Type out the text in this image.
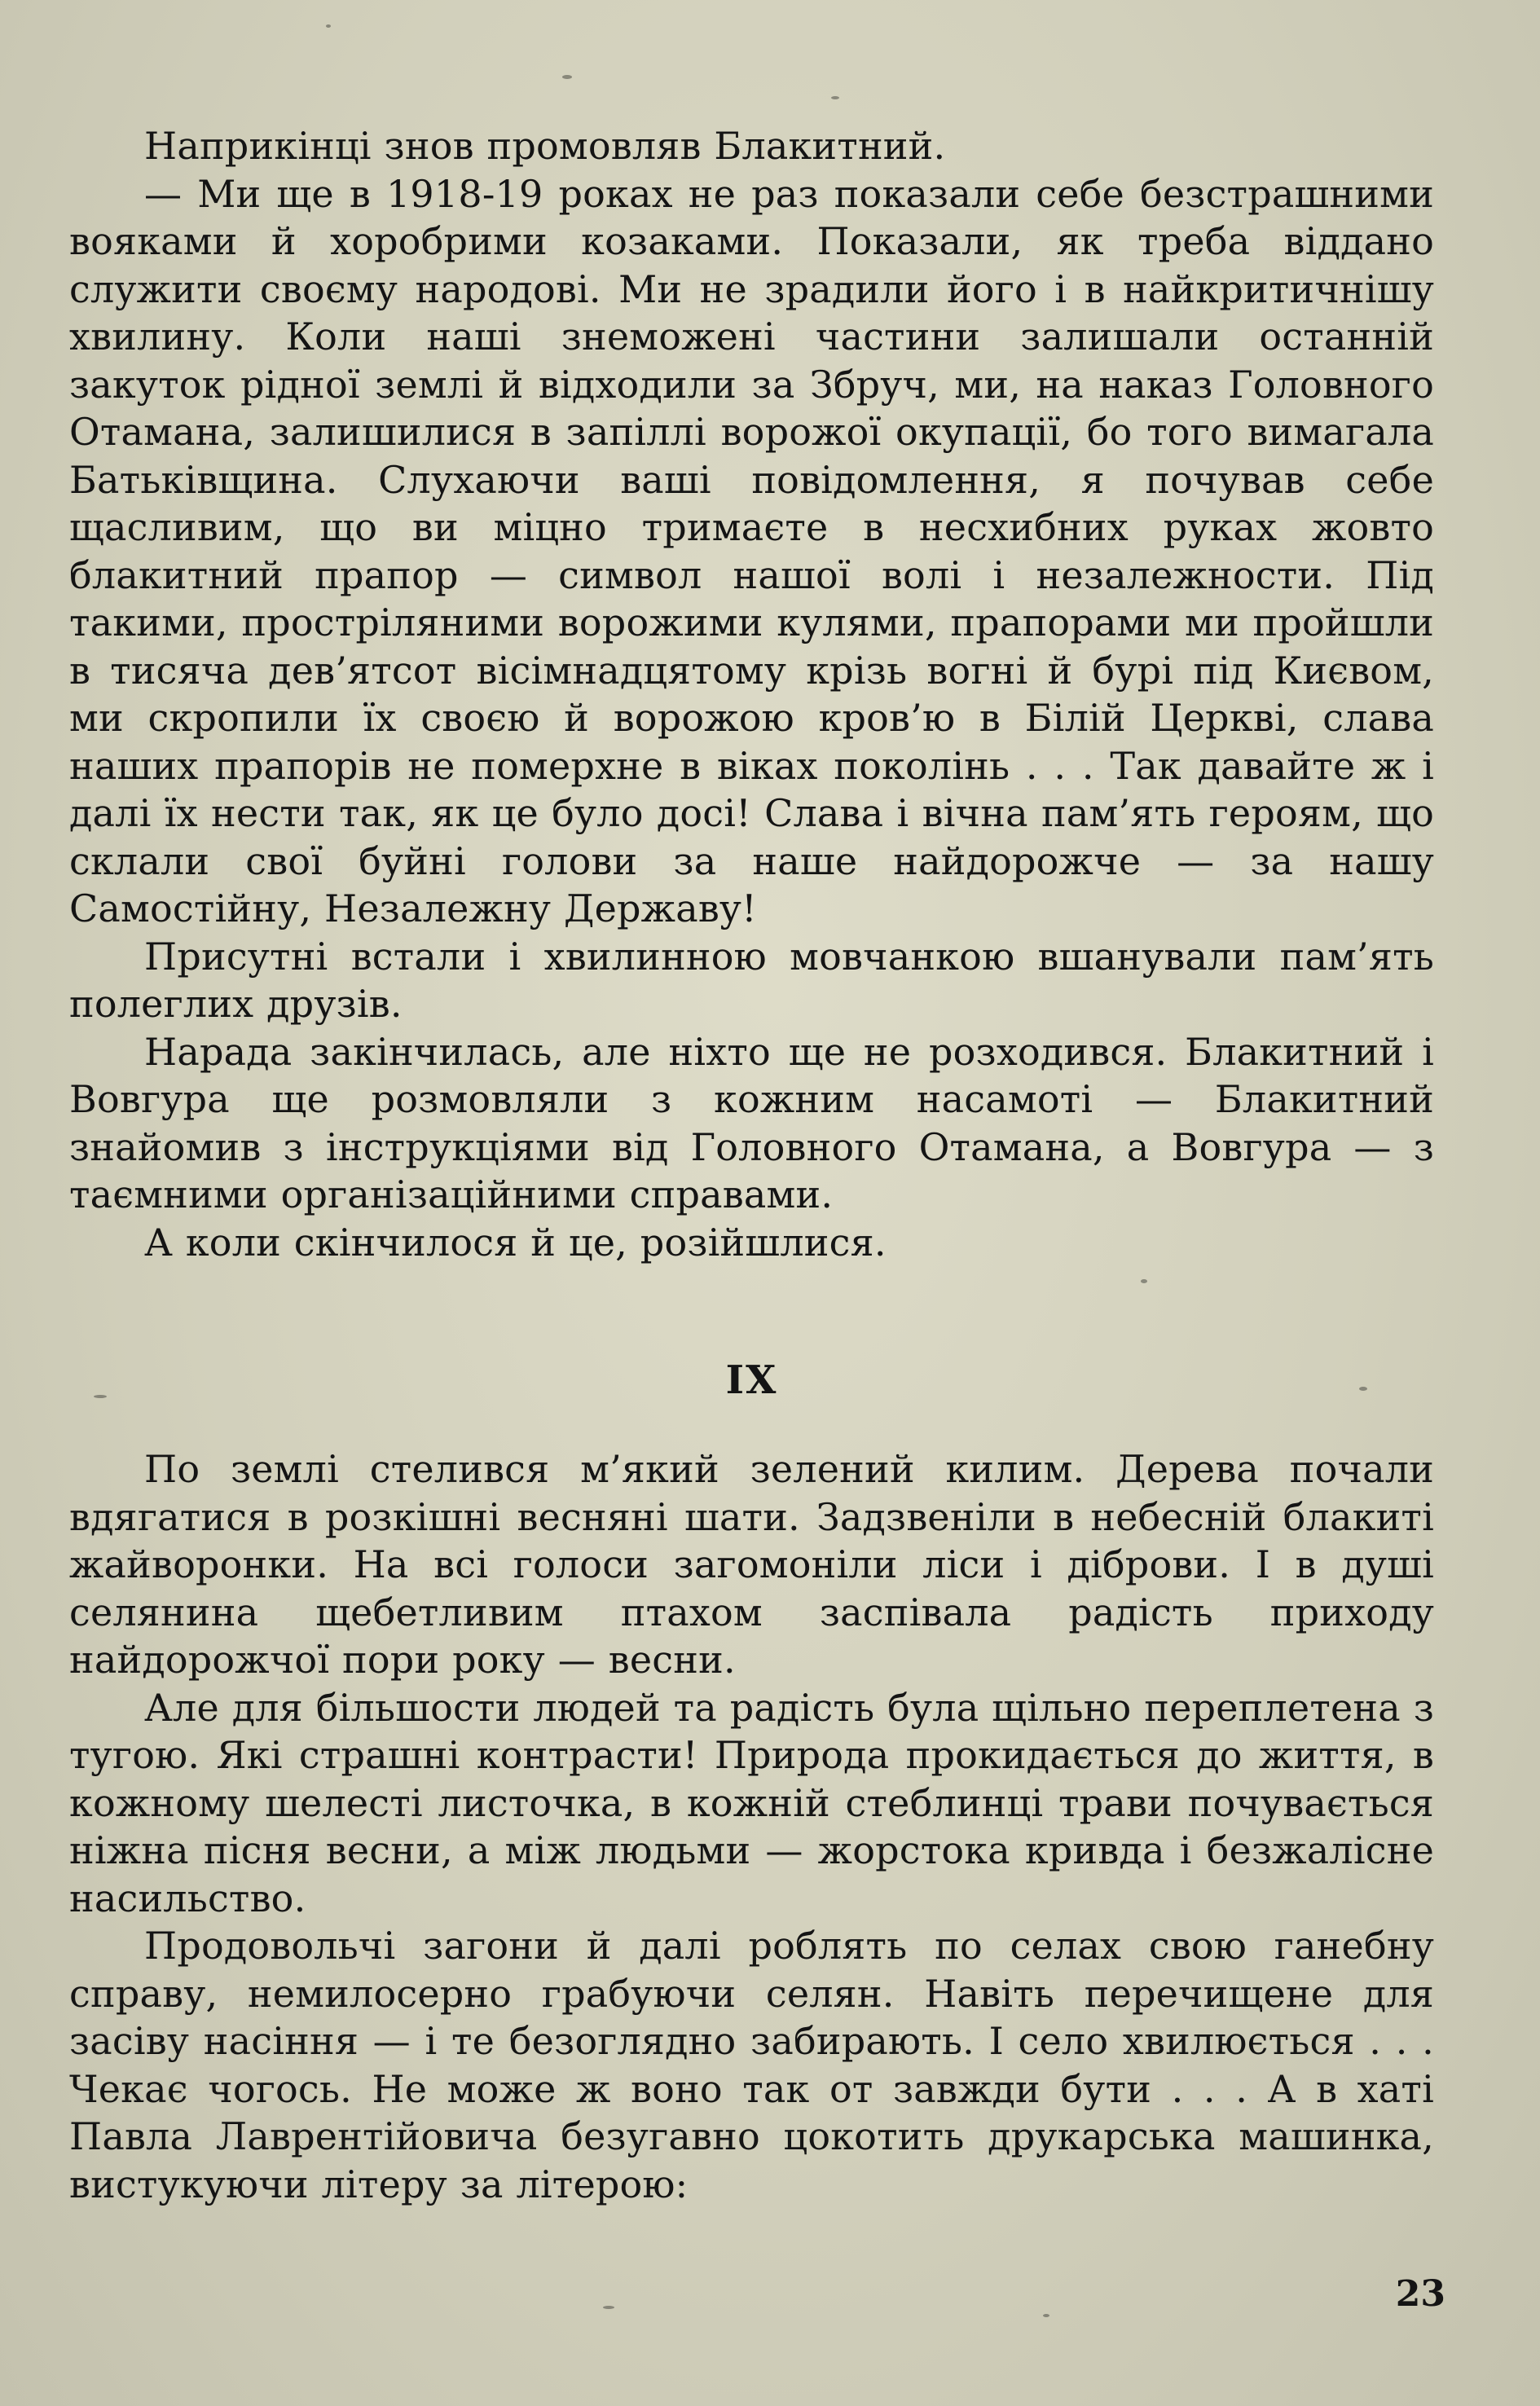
Наприкінці знов промовляв Блакитний.

— Ми ще в 1918-19 роках не раз показали себе безстрашними вояками й хоробрими козаками. Показали, як треба віддано служити своєму народові. Ми не зрадили його і в найкритичнішу хвилину. Коли наші знеможені частини залишали останній закуток рідної землі й відходили за Збруч, ми, на наказ Головного Отамана, залишилися в запіллі ворожої окупації, бо того вимагала Батьківщина. Слухаючи ваші повідомлення, я почував себе щасливим, що ви міцно тримаєте в несхибних руках жовто блакитний прапор — символ нашої волі і незалежности. Під такими, простріляними ворожими кулями, прапорами ми пройшли в тисяча дев’ятсот вісімнадцятому крізь вогні й бурі під Києвом, ми скропили їх своєю й ворожою кров’ю в Білій Церкві, слава наших прапорів не померхне в віках поколінь . . . Так давайте ж і далі їх нести так, як це було досі! Слава і вічна пам’ять героям, що склали свої буйні голови за наше найдорожче — за нашу Самостійну, Незалежну Державу!

Присутні встали і хвилинною мовчанкою вшанували пам’ять полеглих друзів.

Нарада закінчилась, але ніхто ще не розходився. Блакитний і Вовгура ще розмовляли з кожним насамоті — Блакитний знайомив з інструкціями від Головного Отамана, а Вовгура — з таємними організаційними справами.

А коли скінчилося й це, розійшлися.

IX

По землі стелився м’який зелений килим. Дерева почали вдягатися в розкішні весняні шати. Задзвеніли в небесній блакиті жайворонки. На всі голоси загомоніли ліси і діброви. І в душі селянина щебетливим птахом заспівала радість приходу найдорожчої пори року — весни.

Але для більшости людей та радість була щільно переплетена з тугою. Які страшні контрасти! Природа прокидається до життя, в кожному шелесті листочка, в кожній стеблинці трави почувається ніжна пісня весни, а між людьми — жорстока кривда і безжалісне насильство.

Продовольчі загони й далі роблять по селах свою ганебну справу, немилосерно грабуючи селян. Навіть перечищене для засіву насіння — і те безоглядно забирають. І село хвилюється . . . Чекає чогось. Не може ж воно так от завжди бути . . . А в хаті Павла Лаврентійовича безугавно цокотить друкарська машинка, вистукуючи літеру за літерою:

23
